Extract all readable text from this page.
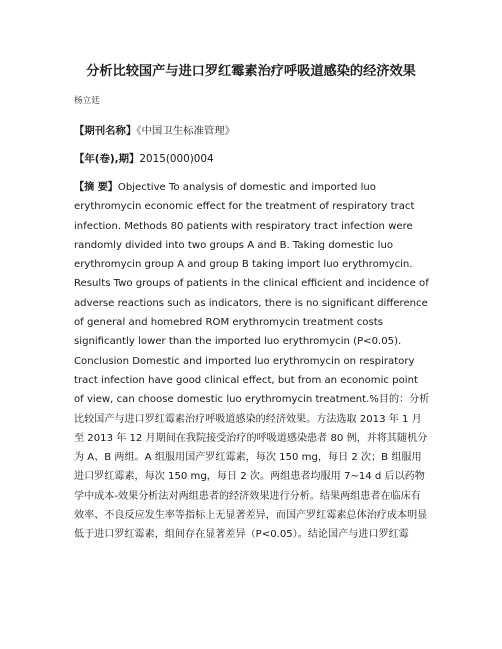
分析比较国产与进口罗红霉素治疗呼吸道感染的经济效果
杨立廷
【期刊名称】《中国卫生标准管理》
【年(卷),期】2015(000)004

【摘 要】Objective To analysis of domestic and imported luo erythromycin economic effect for the treatment of respiratory tract infection. Methods 80 patients with respiratory tract infection were randomly divided into two groups A and B. Taking domestic luo erythromycin group A and group B taking import luo erythromycin. Results Two groups of patients in the clinical efficient and incidence of adverse reactions such as indicators, there is no significant difference of general and homebred ROM erythromycin treatment costs significantly lower than the imported luo erythromycin (P<0.05). Conclusion Domestic and imported luo erythromycin on respiratory tract infection have good clinical effect, but from an economic point of view, can choose domestic luo erythromycin treatment.%目的：分析比较国产与进口罗红霉素治疗呼吸道感染的经济效果。方法选取 2013 年 1 月至 2013 年 12 月期间在我院接受治疗的呼吸道感染患者 80 例，并将其随机分为 A、B 两组。A 组服用国产罗红霉素，每次 150 mg，每日 2 次；B 组服用进口罗红霉素，每次 150 mg，每日 2 次。两组患者均服用 7~14 d 后以药物学中成本-效果分析法对两组患者的经济效果进行分析。结果两组患者在临床有效率、不良反应发生率等指标上无显著差异，而国产罗红霉素总体治疗成本明显低于进口罗红霉素，组间存在显著差异（P<0.05）。结论国产与进口罗红霉
